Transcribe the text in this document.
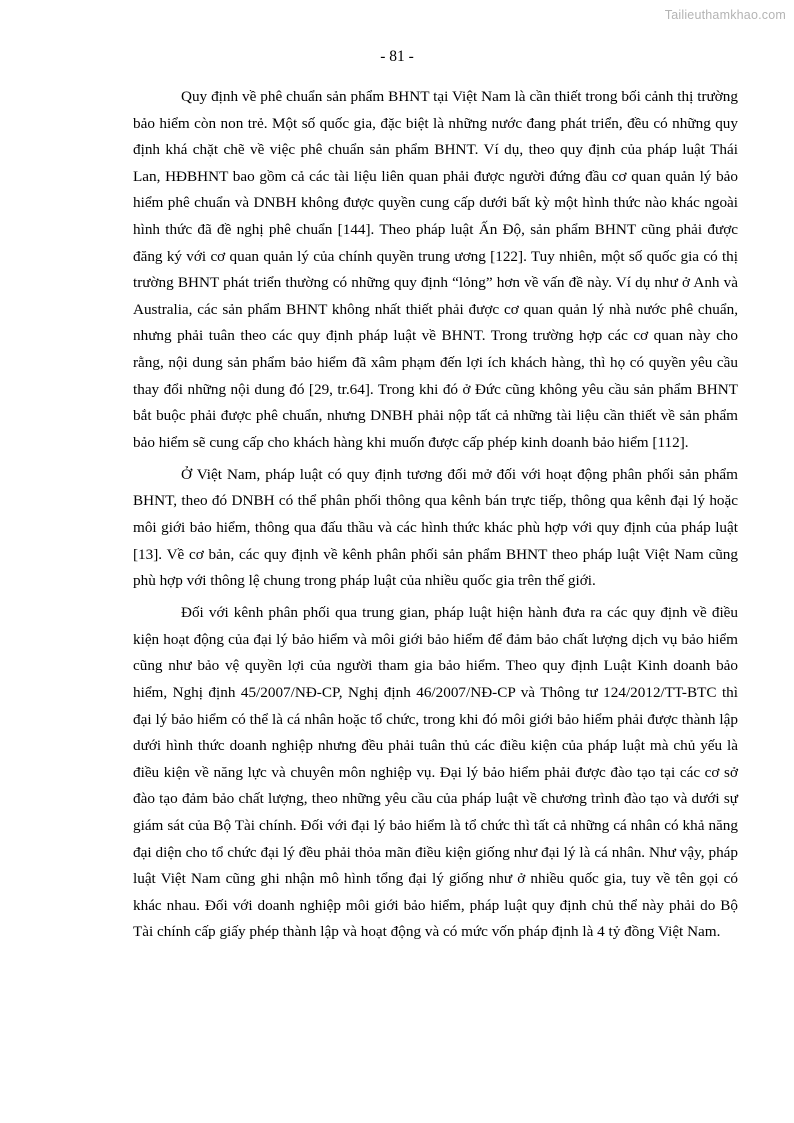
Tailieuthamkhao.com
- 81 -

Quy định về phê chuẩn sản phẩm BHNT tại Việt Nam là cần thiết trong bối cảnh thị trường bảo hiểm còn non trẻ. Một số quốc gia, đặc biệt là những nước đang phát triển, đều có những quy định khá chặt chẽ về việc phê chuẩn sản phẩm BHNT. Ví dụ, theo quy định của pháp luật Thái Lan, HĐBHNT bao gồm cả các tài liệu liên quan phải được người đứng đầu cơ quan quản lý bảo hiểm phê chuẩn và DNBH không được quyền cung cấp dưới bất kỳ một hình thức nào khác ngoài hình thức đã đề nghị phê chuẩn [144]. Theo pháp luật Ấn Độ, sản phẩm BHNT cũng phải được đăng ký với cơ quan quản lý của chính quyền trung ương [122]. Tuy nhiên, một số quốc gia có thị trường BHNT phát triển thường có những quy định “lỏng” hơn về vấn đề này. Ví dụ như ở Anh và Australia, các sản phẩm BHNT không nhất thiết phải được cơ quan quản lý nhà nước phê chuẩn, nhưng phải tuân theo các quy định pháp luật về BHNT. Trong trường hợp các cơ quan này cho rằng, nội dung sản phẩm bảo hiểm đã xâm phạm đến lợi ích khách hàng, thì họ có quyền yêu cầu thay đổi những nội dung đó [29, tr.64]. Trong khi đó ở Đức cũng không yêu cầu sản phẩm BHNT bắt buộc phải được phê chuẩn, nhưng DNBH phải nộp tất cả những tài liệu cần thiết về sản phẩm bảo hiểm sẽ cung cấp cho khách hàng khi muốn được cấp phép kinh doanh bảo hiểm [112].

Ở Việt Nam, pháp luật có quy định tương đối mở đối với hoạt động phân phối sản phẩm BHNT, theo đó DNBH có thể phân phối thông qua kênh bán trực tiếp, thông qua kênh đại lý hoặc môi giới bảo hiểm, thông qua đấu thầu và các hình thức khác phù hợp với quy định của pháp luật [13]. Về cơ bản, các quy định về kênh phân phối sản phẩm BHNT theo pháp luật Việt Nam cũng phù hợp với thông lệ chung trong pháp luật của nhiều quốc gia trên thế giới.

Đối với kênh phân phối qua trung gian, pháp luật hiện hành đưa ra các quy định về điều kiện hoạt động của đại lý bảo hiểm và môi giới bảo hiểm để đảm bảo chất lượng dịch vụ bảo hiểm cũng như bảo vệ quyền lợi của người tham gia bảo hiểm. Theo quy định Luật Kinh doanh bảo hiểm, Nghị định 45/2007/NĐ-CP, Nghị định 46/2007/NĐ-CP và Thông tư 124/2012/TT-BTC thì đại lý bảo hiểm có thể là cá nhân hoặc tổ chức, trong khi đó môi giới bảo hiểm phải được thành lập dưới hình thức doanh nghiệp nhưng đều phải tuân thủ các điều kiện của pháp luật mà chủ yếu là điều kiện về năng lực và chuyên môn nghiệp vụ. Đại lý bảo hiểm phải được đào tạo tại các cơ sở đào tạo đảm bảo chất lượng, theo những yêu cầu của pháp luật về chương trình đào tạo và dưới sự giám sát của Bộ Tài chính. Đối với đại lý bảo hiểm là tổ chức thì tất cả những cá nhân có khả năng đại diện cho tổ chức đại lý đều phải thỏa mãn điều kiện giống như đại lý là cá nhân. Như vậy, pháp luật Việt Nam cũng ghi nhận mô hình tổng đại lý giống như ở nhiều quốc gia, tuy về tên gọi có khác nhau. Đối với doanh nghiệp môi giới bảo hiểm, pháp luật quy định chủ thể này phải do Bộ Tài chính cấp giấy phép thành lập và hoạt động và có mức vốn pháp định là 4 tỷ đồng Việt Nam.
